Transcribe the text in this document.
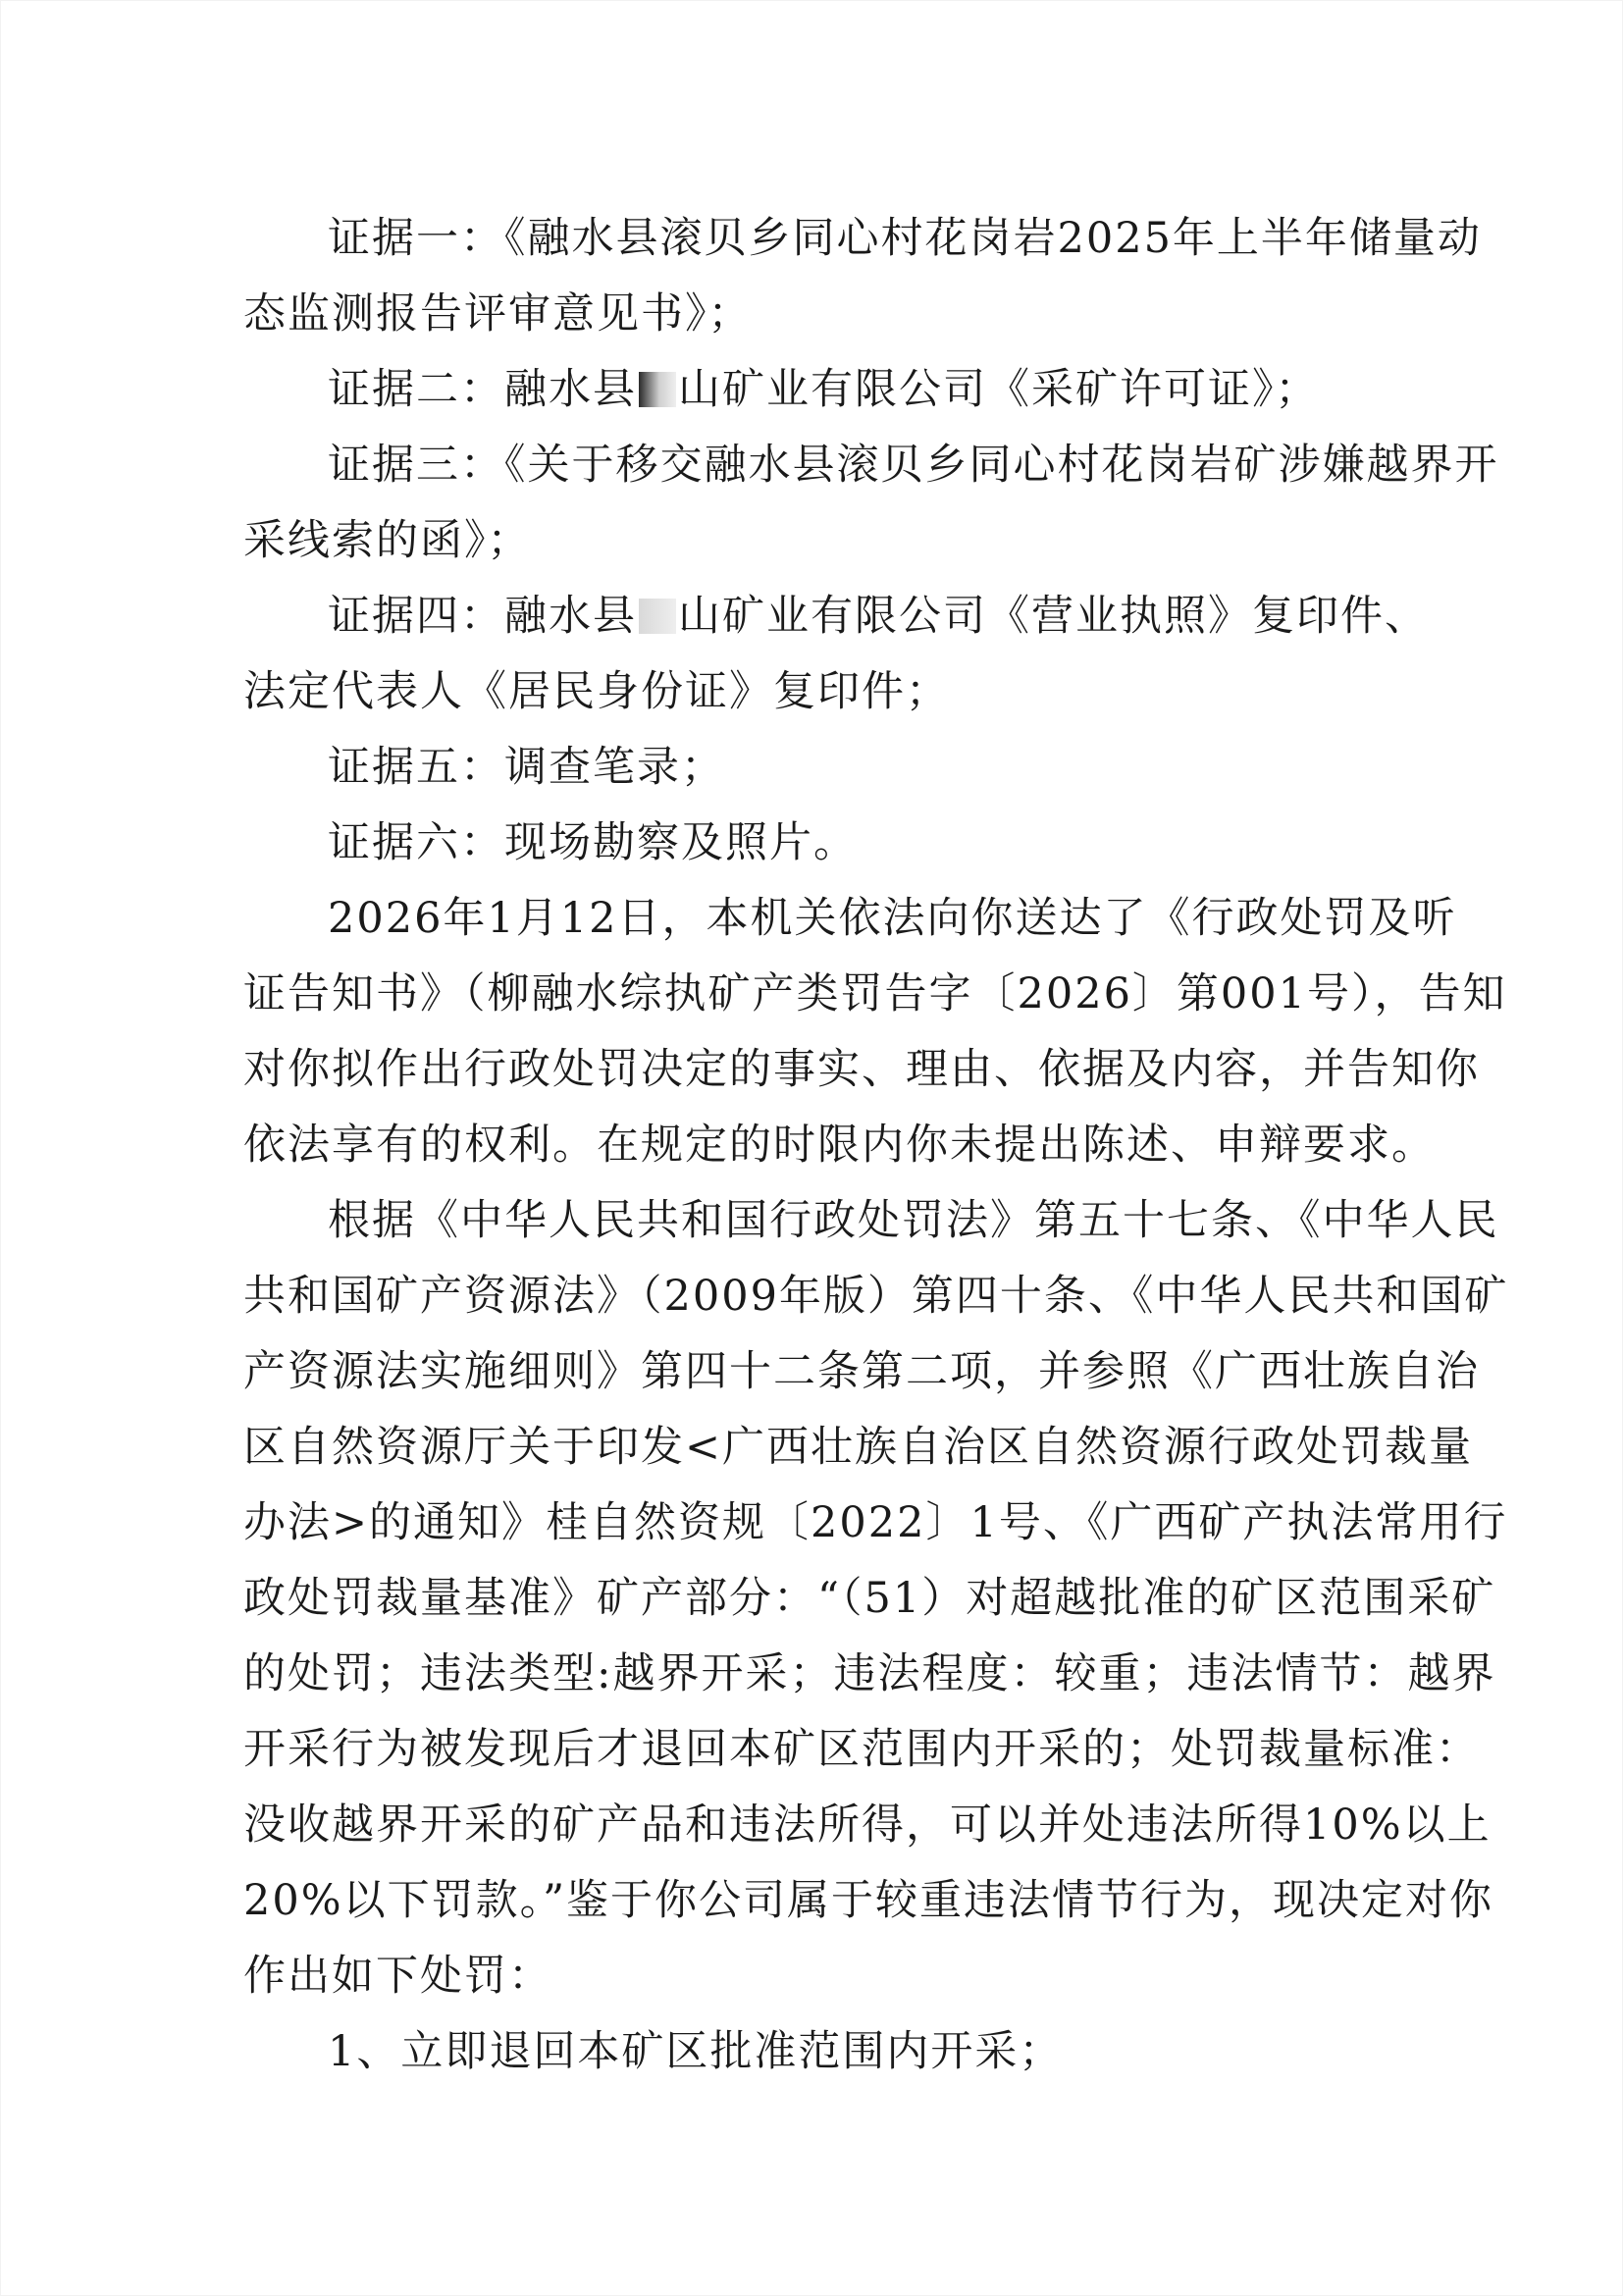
证据一：《融水县滚贝乡同心村花岗岩2025年上半年储量动
态监测报告评审意见书》；
证据二：融水县 山矿业有限公司《采矿许可证》；
证据三：《关于移交融水县滚贝乡同心村花岗岩矿涉嫌越界开
采线索的函》；
证据四：融水县 山矿业有限公司《营业执照》复印件、
法定代表人《居民身份证》复印件；
证据五：调查笔录；
证据六：现场勘察及照片。
2026年1月12日，本机关依法向你送达了《行政处罚及听
证告知书》（柳融水综执矿产类罚告字〔2026〕第001号），告知
对你拟作出行政处罚决定的事实、理由、依据及内容，并告知你
依法享有的权利。在规定的时限内你未提出陈述、申辩要求。
根据《中华人民共和国行政处罚法》第五十七条、《中华人民
共和国矿产资源法》（2009年版）第四十条、《中华人民共和国矿
产资源法实施细则》第四十二条第二项，并参照《广西壮族自治
区自然资源厅关于印发<广西壮族自治区自然资源行政处罚裁量
办法>的通知》桂自然资规〔2022〕1号、《广西矿产执法常用行
政处罚裁量基准》矿产部分：“（51）对超越批准的矿区范围采矿
的处罚；违法类型:越界开采；违法程度：较重；违法情节：越界
开采行为被发现后才退回本矿区范围内开采的；处罚裁量标准：
没收越界开采的矿产品和违法所得，可以并处违法所得10%以上
20%以下罚款。”鉴于你公司属于较重违法情节行为，现决定对你
作出如下处罚：
1、立即退回本矿区批准范围内开采；
